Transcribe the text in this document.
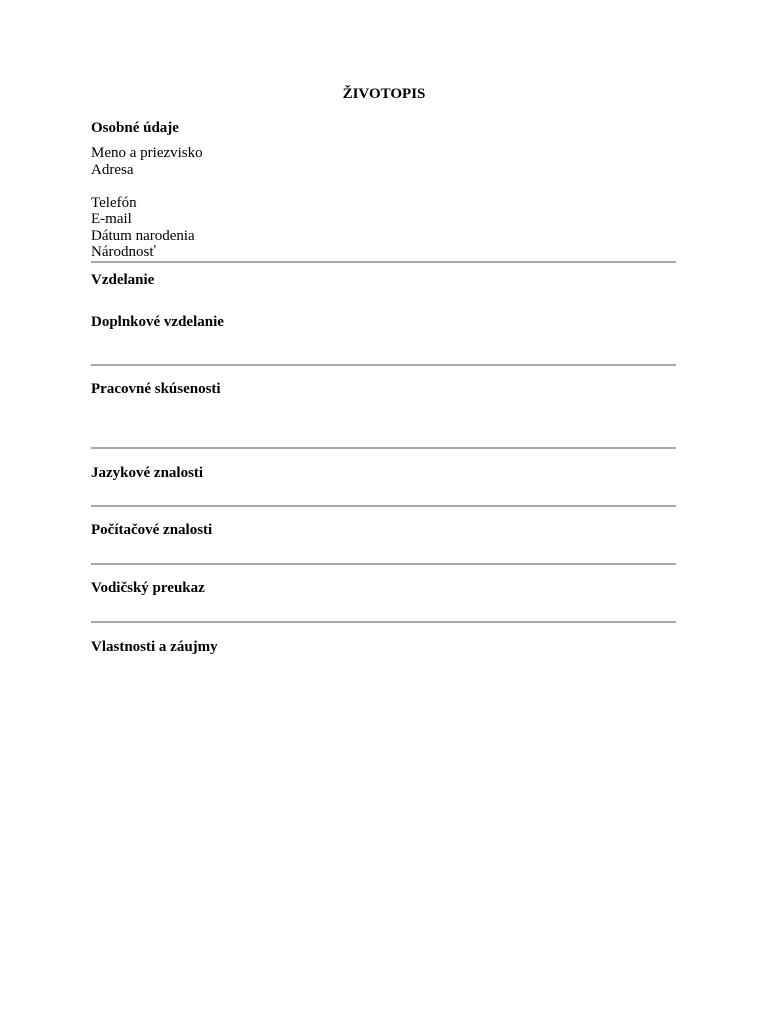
ŽIVOTOPIS
Osobné údaje
Meno a priezvisko
Adresa
Telefón
E-mail
Dátum narodenia
Národnosť
Vzdelanie
Doplnkové vzdelanie
Pracovné skúsenosti
Jazykové znalosti
Počítačové znalosti
Vodičský preukaz
Vlastnosti a záujmy
